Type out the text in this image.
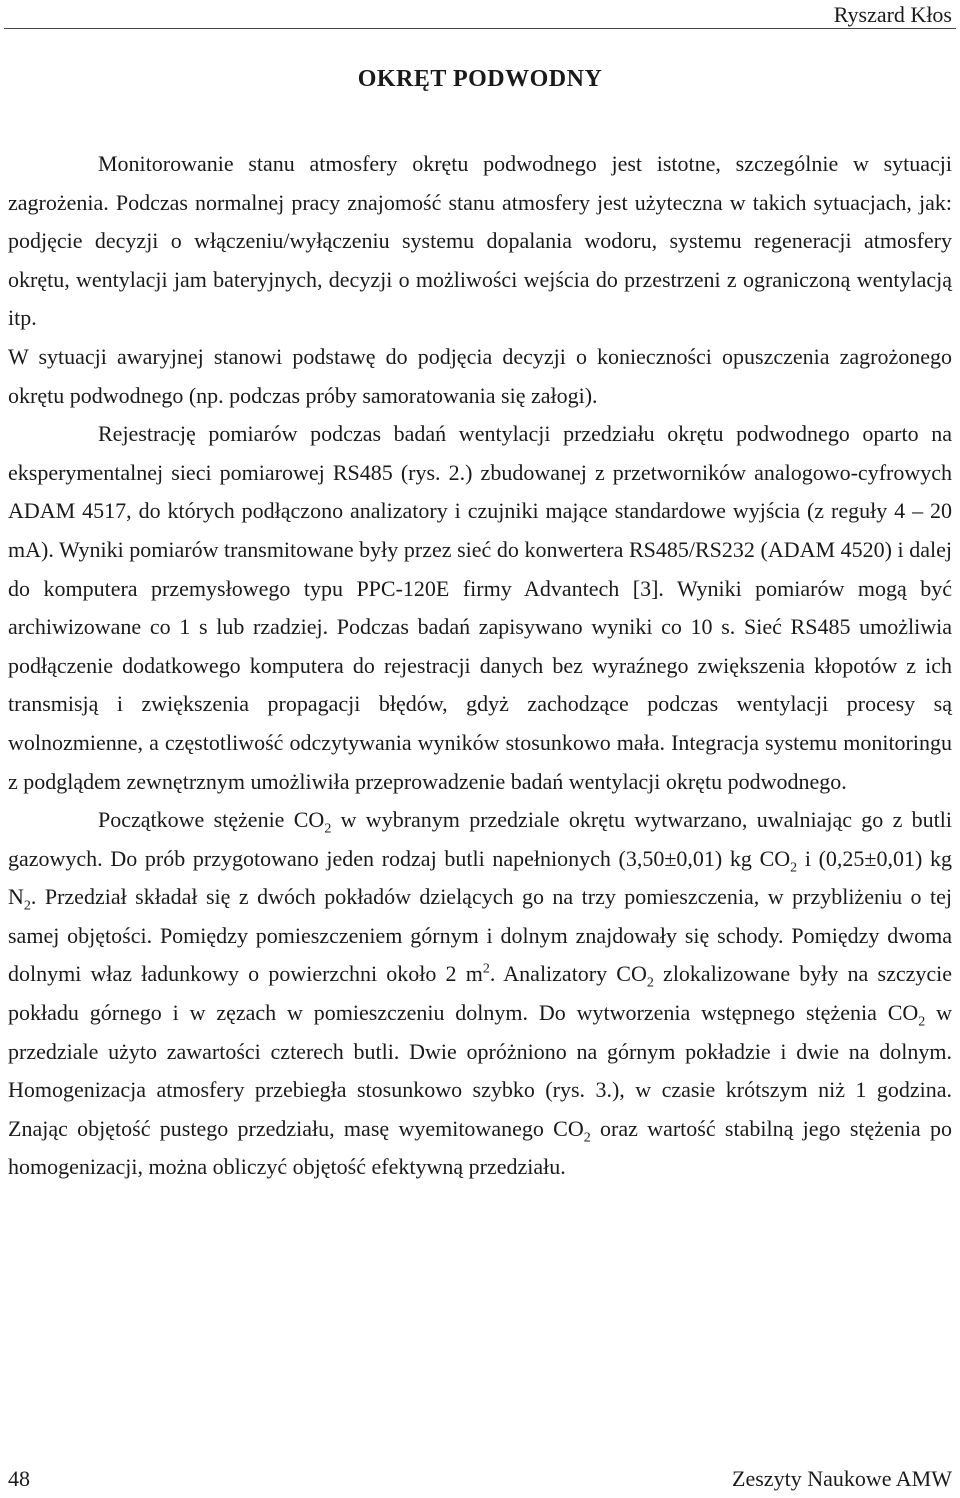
Ryszard Kłos
OKRĘT PODWODNY

Monitorowanie stanu atmosfery okrętu podwodnego jest istotne, szczególnie w sytuacji zagrożenia. Podczas normalnej pracy znajomość stanu atmosfery jest użyteczna w takich sytuacjach, jak: podjęcie decyzji o włączeniu/wyłączeniu systemu dopalania wodoru, systemu regeneracji atmosfery okrętu, wentylacji jam bateryjnych, decyzji o możliwości wejścia do przestrzeni z ograniczoną wentylacją itp.

W sytuacji awaryjnej stanowi podstawę do podjęcia decyzji o konieczności opuszczenia zagrożonego okrętu podwodnego (np. podczas próby samoratowania się załogi).

Rejestrację pomiarów podczas badań wentylacji przedziału okrętu podwodnego oparto na eksperymentalnej sieci pomiarowej RS485 (rys. 2.) zbudowanej z przetworników analogowo-cyfrowych ADAM 4517, do których podłączono analizatory i czujniki mające standardowe wyjścia (z reguły 4 – 20 mA). Wyniki pomiarów transmitowane były przez sieć do konwertera RS485/RS232 (ADAM 4520) i dalej do komputera przemysłowego typu PPC-120E firmy Advantech [3]. Wyniki pomiarów mogą być archiwizowane co 1 s lub rzadziej. Podczas badań zapisywano wyniki co 10 s. Sieć RS485 umożliwia podłączenie dodatkowego komputera do rejestracji danych bez wyraźnego zwiększenia kłopotów z ich transmisją i zwiększenia propagacji błędów, gdyż zachodzące podczas wentylacji procesy są wolnozmienne, a częstotliwość odczytywania wyników stosunkowo mała. Integracja systemu monitoringu z podglądem zewnętrznym umożliwiła przeprowadzenie badań wentylacji okrętu podwodnego.

Początkowe stężenie $CO_2$ w wybranym przedziale okrętu wytwarzano, uwalniając go z butli gazowych. Do prób przygotowano jeden rodzaj butli napełnionych (3,50±0,01) kg $CO_2$ i (0,25±0,01) kg $N_2$. Przedział składał się z dwóch pokładów dzielących go na trzy pomieszczenia, w przybliżeniu o tej samej objętości. Pomiędzy pomieszczeniem górnym i dolnym znajdowały się schody. Pomiędzy dwoma dolnymi właz ładunkowy o powierzchni około 2 $m^2$. Analizatory $CO_2$ zlokalizowane były na szczycie pokładu górnego i w zęzach w pomieszczeniu dolnym. Do wytworzenia wstępnego stężenia $CO_2$ w przedziale użyto zawartości czterech butli. Dwie opróżniono na górnym pokładzie i dwie na dolnym. Homogenizacja atmosfery przebiegła stosunkowo szybko (rys. 3.), w czasie krótszym niż 1 godzina. Znając objętość pustego przedziału, masę wyemitowanego $CO_2$ oraz wartość stabilną jego stężenia po homogenizacji, można obliczyć objętość efektywną przedziału.

48	Zeszyty Naukowe AMW
